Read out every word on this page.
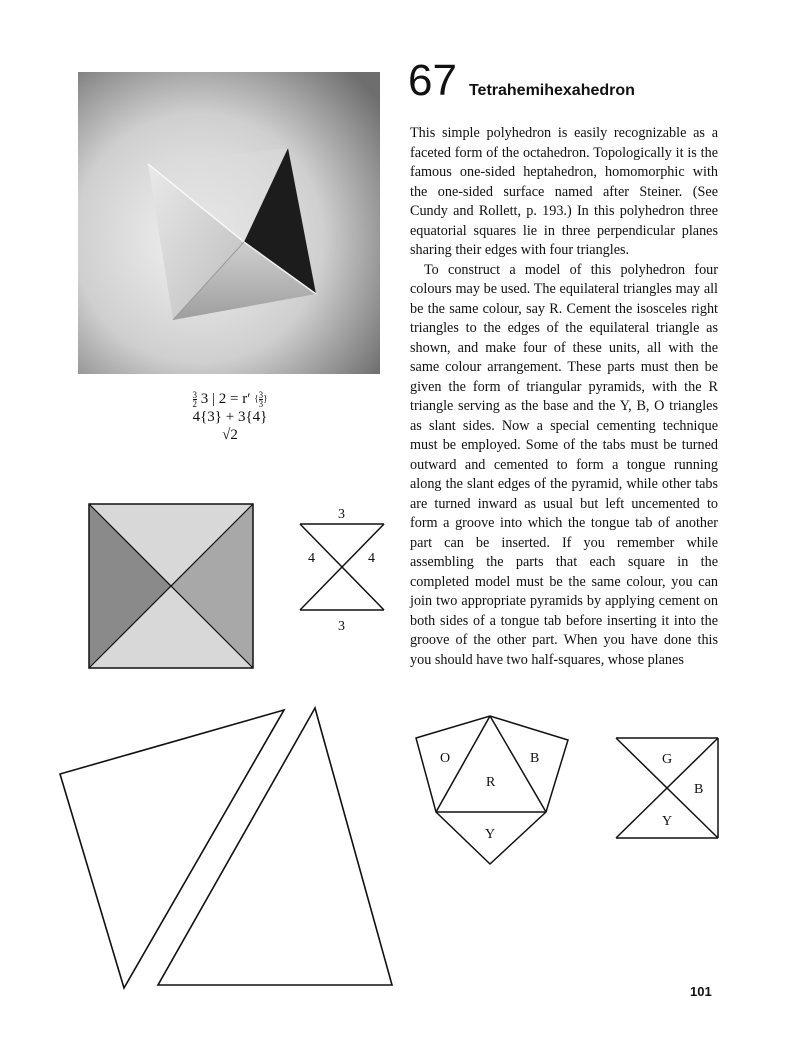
$\frac{3}{2} 3$ | 2 = r′ { $\frac{3}{3}$ }
4{3} + 3{4}
√2
67 Tetrahemihexahedron

This simple polyhedron is easily recognizable as a faceted form of the octahedron. Topologically it is the famous one-sided heptahedron, homomorphic with the one-sided surface named after Steiner. (See Cundy and Rollett, p. 193.) In this polyhedron three equatorial squares lie in three perpendicular planes sharing their edges with four triangles.

To construct a model of this polyhedron four colours may be used. The equilateral triangles may all be the same colour, say R. Cement the isosceles right triangles to the edges of the equilateral triangle as shown, and make four of these units, all with the same colour arrangement. These parts must then be given the form of triangular pyramids, with the R triangle serving as the base and the Y, B, O triangles as slant sides. Now a special cementing technique must be employed. Some of the tabs must be turned outward and cemented to form a tongue running along the slant edges of the pyramid, while other tabs are turned inward as usual but left uncemented to form a groove into which the tongue tab of another part can be inserted. If you remember while assembling the parts that each square in the completed model must be the same colour, you can join two appropriate pyramids by applying cement on both sides of a tongue tab before inserting it into the groove of the other part. When you have done this you should have two half-squares, whose planes

3
3
4	4
O
R
B
Y
G
B
Y
101
